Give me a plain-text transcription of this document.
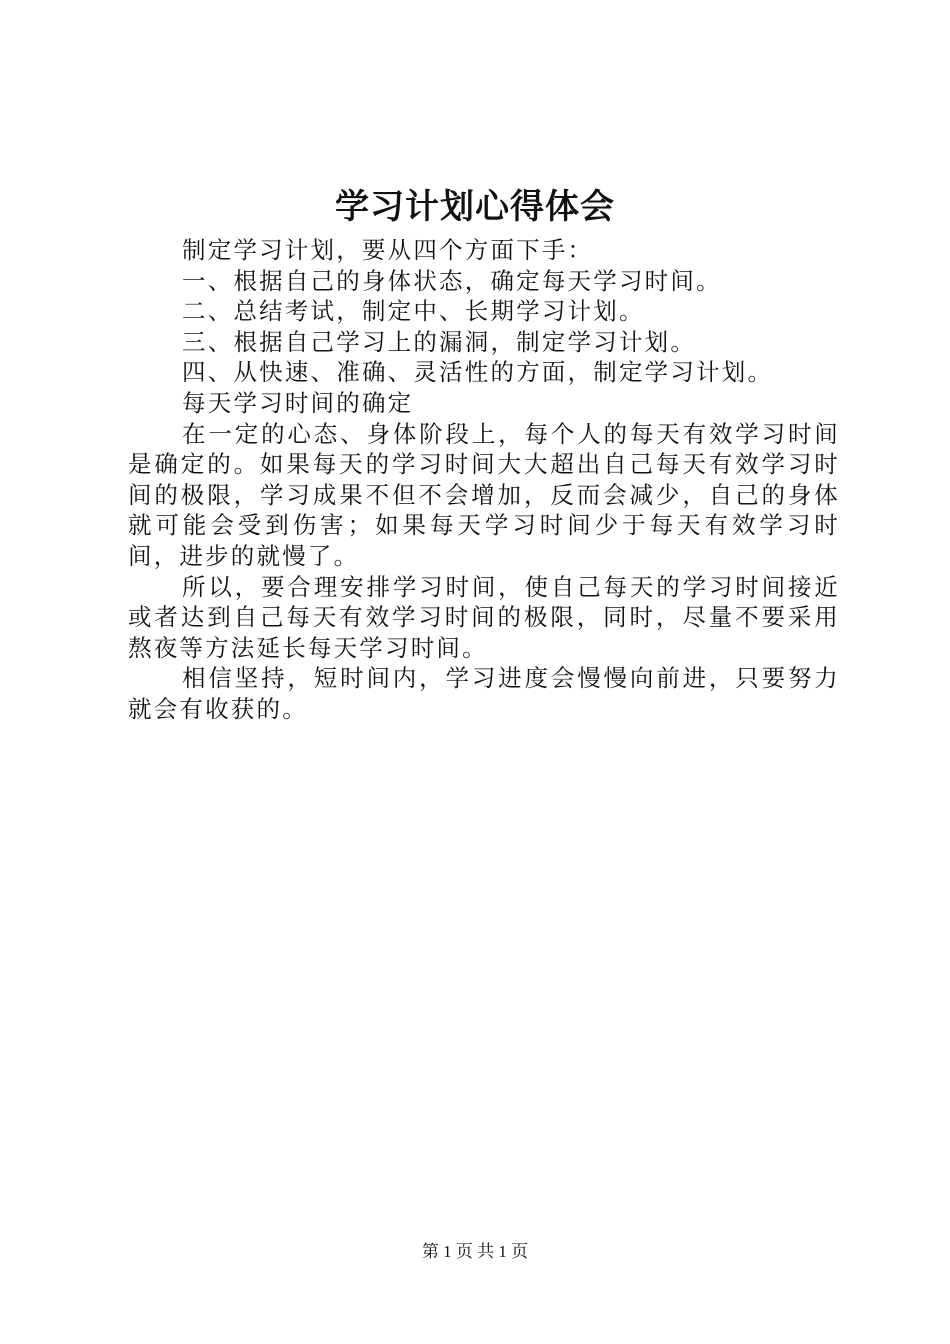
学习计划心得体会

制定学习计划，要从四个方面下手：

一、根据自己的身体状态，确定每天学习时间。

二、总结考试，制定中、长期学习计划。

三、根据自己学习上的漏洞，制定学习计划。

四、从快速、准确、灵活性的方面，制定学习计划。

每天学习时间的确定

在一定的心态、身体阶段上，每个人的每天有效学习时间是确定的。如果每天的学习时间大大超出自己每天有效学习时间的极限，学习成果不但不会增加，反而会减少，自己的身体就可能会受到伤害；如果每天学习时间少于每天有效学习时间，进步的就慢了。

所以，要合理安排学习时间，使自己每天的学习时间接近或者达到自己每天有效学习时间的极限，同时，尽量不要采用熬夜等方法延长每天学习时间。

相信坚持，短时间内，学习进度会慢慢向前进，只要努力就会有收获的。

第 1 页 共 1 页
